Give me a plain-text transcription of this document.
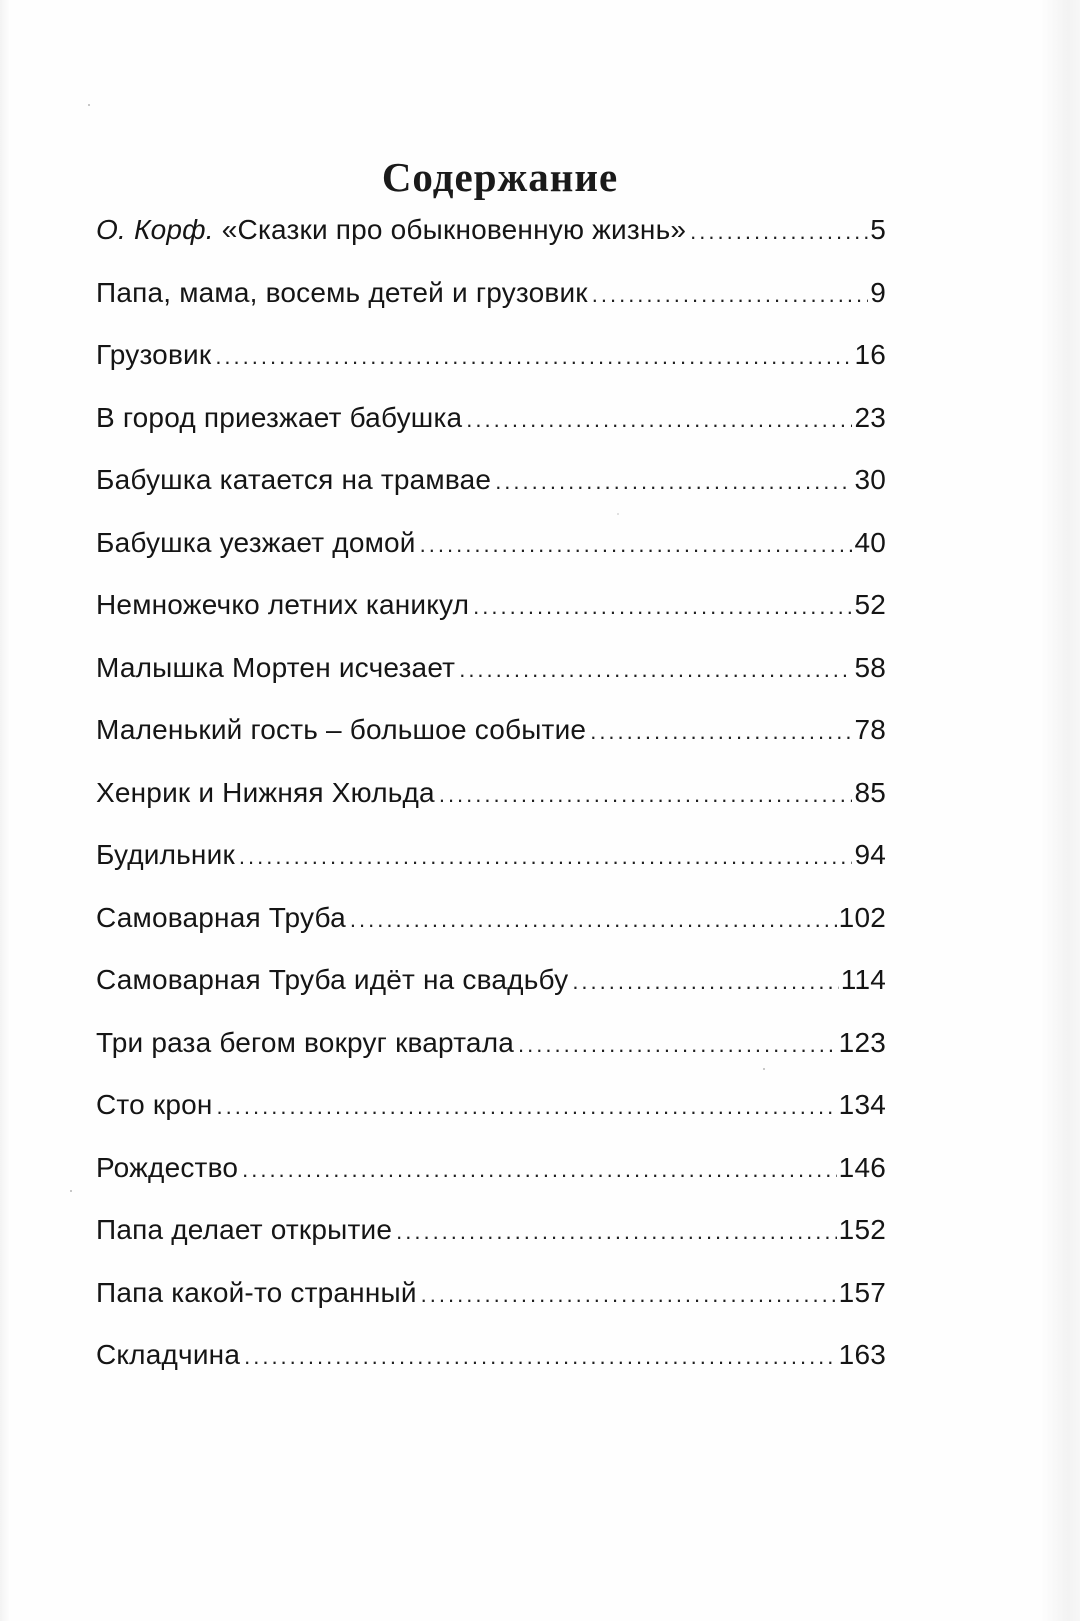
Содержание
О. Корф. «Сказки про обыкновенную жизнь» .....	5
Папа, мама, восемь детей и грузовик .....	9
Грузовик .....	16
В город приезжает бабушка .....	23
Бабушка катается на трамвае .....	30
Бабушка уезжает домой .....	40
Немножечко летних каникул .....	52
Малышка Мортен исчезает .....	58
Маленький гость – большое событие .....	78
Хенрик и Нижняя Хюльда .....	85
Будильник .....	94
Самоварная Труба .....	102
Самоварная Труба идёт на свадьбу .....	114
Три раза бегом вокруг квартала .....	123
Сто крон .....	134
Рождество .....	146
Папа делает открытие .....	152
Папа какой-то странный .....	157
Складчина .....	163
